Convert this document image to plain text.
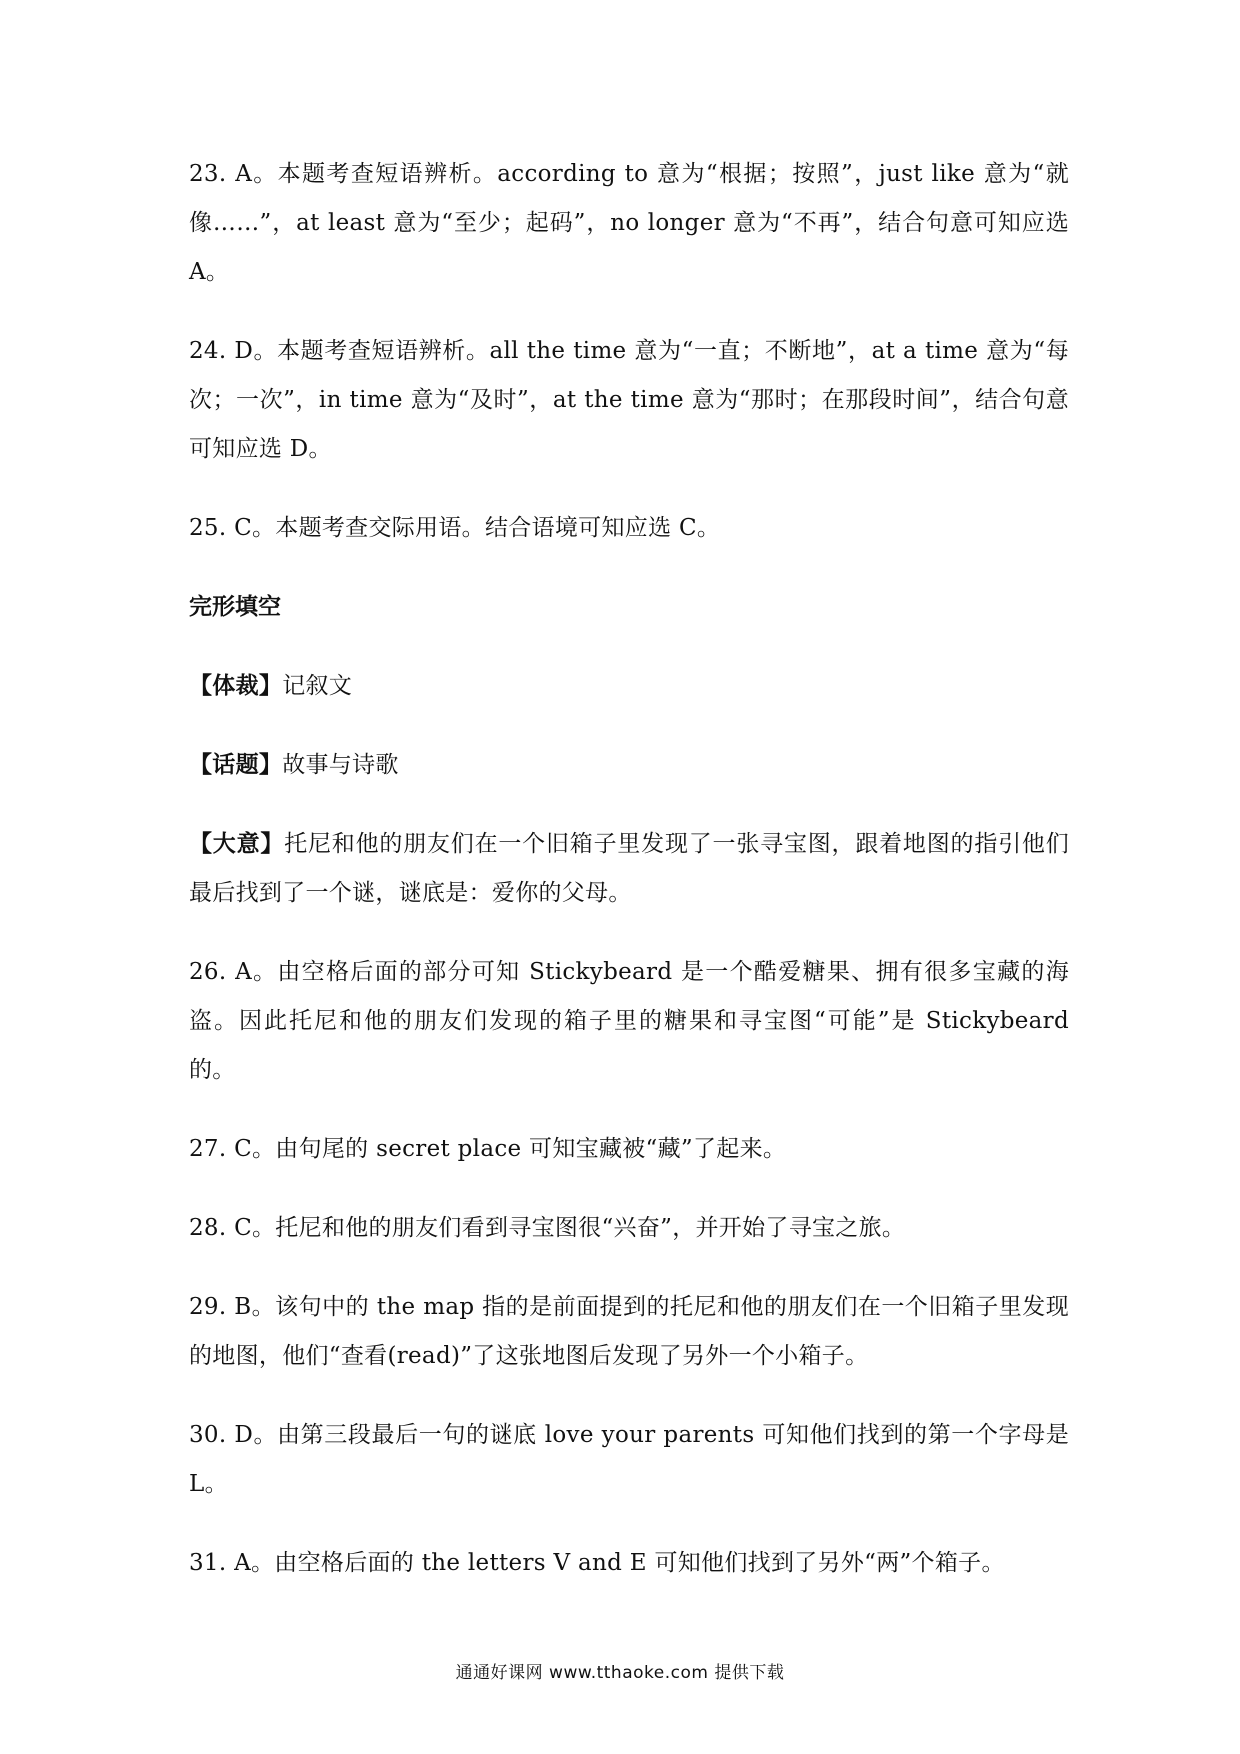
23. A。本题考查短语辨析。according to 意为“根据；按照”，just like 意为“就像……”，at least 意为“至少；起码”，no longer 意为“不再”，结合句意可知应选 A。

24. D。本题考查短语辨析。all the time 意为“一直；不断地”，at a time 意为“每次；一次”，in time 意为“及时”，at the time 意为“那时；在那段时间”，结合句意可知应选 D。

25. C。本题考查交际用语。结合语境可知应选 C。

完形填空

【体裁】记叙文

【话题】故事与诗歌

【大意】托尼和他的朋友们在一个旧箱子里发现了一张寻宝图，跟着地图的指引他们最后找到了一个谜，谜底是：爱你的父母。

26. A。由空格后面的部分可知 Stickybeard 是一个酷爱糖果、拥有很多宝藏的海盗。因此托尼和他的朋友们发现的箱子里的糖果和寻宝图“可能”是 Stickybeard 的。

27. C。由句尾的 secret place 可知宝藏被“藏”了起来。

28. C。托尼和他的朋友们看到寻宝图很“兴奋”，并开始了寻宝之旅。

29. B。该句中的 the map 指的是前面提到的托尼和他的朋友们在一个旧箱子里发现的地图，他们“查看(read)”了这张地图后发现了另外一个小箱子。

30. D。由第三段最后一句的谜底 love your parents 可知他们找到的第一个字母是 L。

31. A。由空格后面的 the letters V and E 可知他们找到了另外“两”个箱子。

通通好课网 www.tthaoke.com 提供下载
